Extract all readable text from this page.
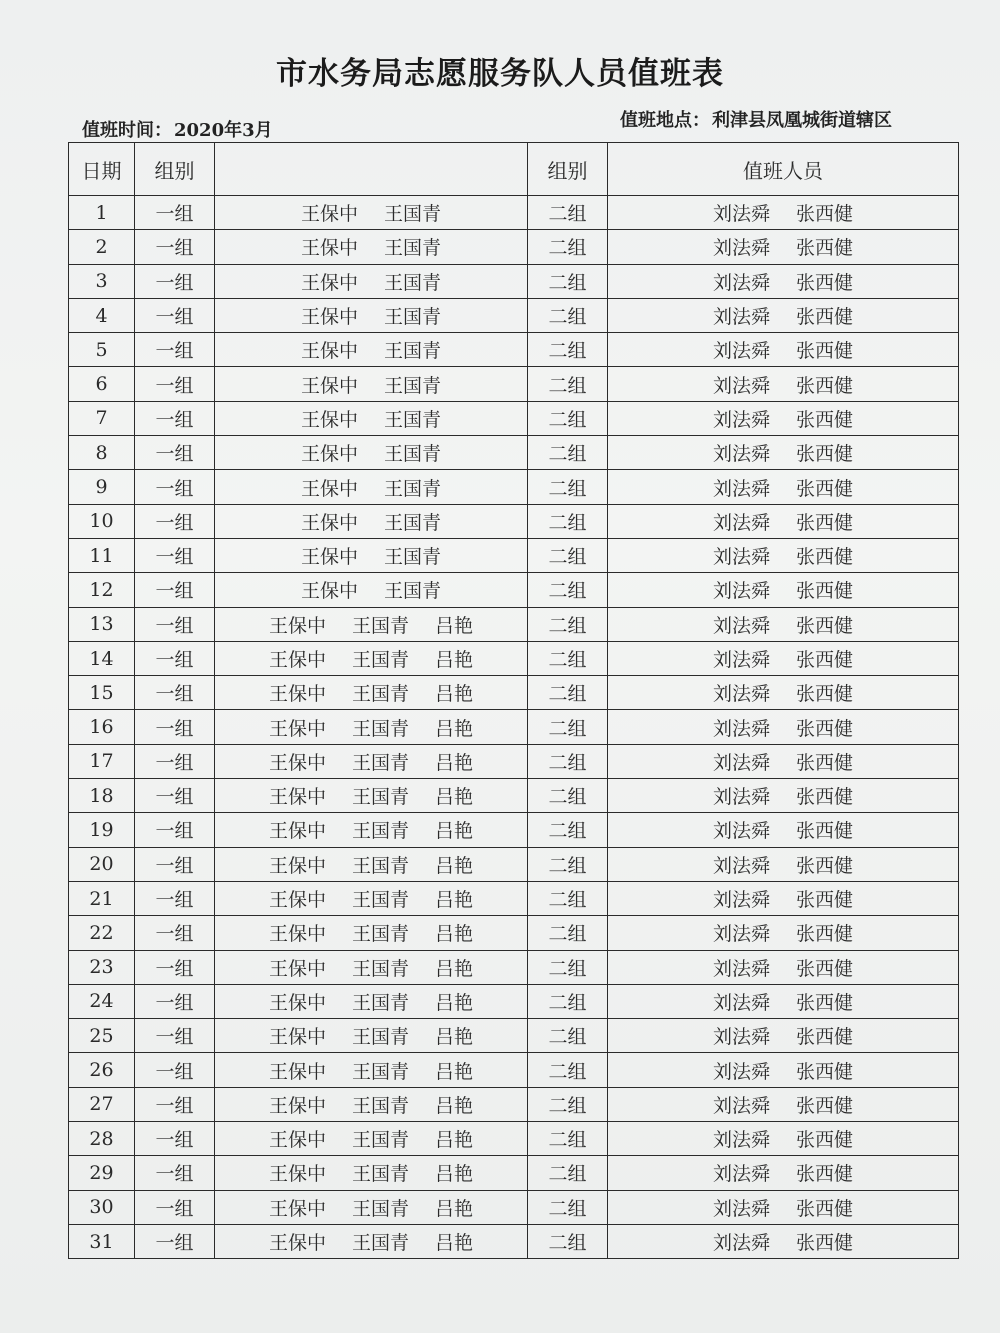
市水务局志愿服务队人员值班表
值班时间： 2020年3月	值班地点： 利津县凤凰城街道辖区
日期	组别		组别	值班人员
1	一组	王保中 王国青	二组	刘法舜 张西健
2	一组	王保中 王国青	二组	刘法舜 张西健
3	一组	王保中 王国青	二组	刘法舜 张西健
4	一组	王保中 王国青	二组	刘法舜 张西健
5	一组	王保中 王国青	二组	刘法舜 张西健
6	一组	王保中 王国青	二组	刘法舜 张西健
7	一组	王保中 王国青	二组	刘法舜 张西健
8	一组	王保中 王国青	二组	刘法舜 张西健
9	一组	王保中 王国青	二组	刘法舜 张西健
10	一组	王保中 王国青	二组	刘法舜 张西健
11	一组	王保中 王国青	二组	刘法舜 张西健
12	一组	王保中 王国青	二组	刘法舜 张西健
13	一组	王保中 王国青 吕艳	二组	刘法舜 张西健
14	一组	王保中 王国青 吕艳	二组	刘法舜 张西健
15	一组	王保中 王国青 吕艳	二组	刘法舜 张西健
16	一组	王保中 王国青 吕艳	二组	刘法舜 张西健
17	一组	王保中 王国青 吕艳	二组	刘法舜 张西健
18	一组	王保中 王国青 吕艳	二组	刘法舜 张西健
19	一组	王保中 王国青 吕艳	二组	刘法舜 张西健
20	一组	王保中 王国青 吕艳	二组	刘法舜 张西健
21	一组	王保中 王国青 吕艳	二组	刘法舜 张西健
22	一组	王保中 王国青 吕艳	二组	刘法舜 张西健
23	一组	王保中 王国青 吕艳	二组	刘法舜 张西健
24	一组	王保中 王国青 吕艳	二组	刘法舜 张西健
25	一组	王保中 王国青 吕艳	二组	刘法舜 张西健
26	一组	王保中 王国青 吕艳	二组	刘法舜 张西健
27	一组	王保中 王国青 吕艳	二组	刘法舜 张西健
28	一组	王保中 王国青 吕艳	二组	刘法舜 张西健
29	一组	王保中 王国青 吕艳	二组	刘法舜 张西健
30	一组	王保中 王国青 吕艳	二组	刘法舜 张西健
31	一组	王保中 王国青 吕艳	二组	刘法舜 张西健
